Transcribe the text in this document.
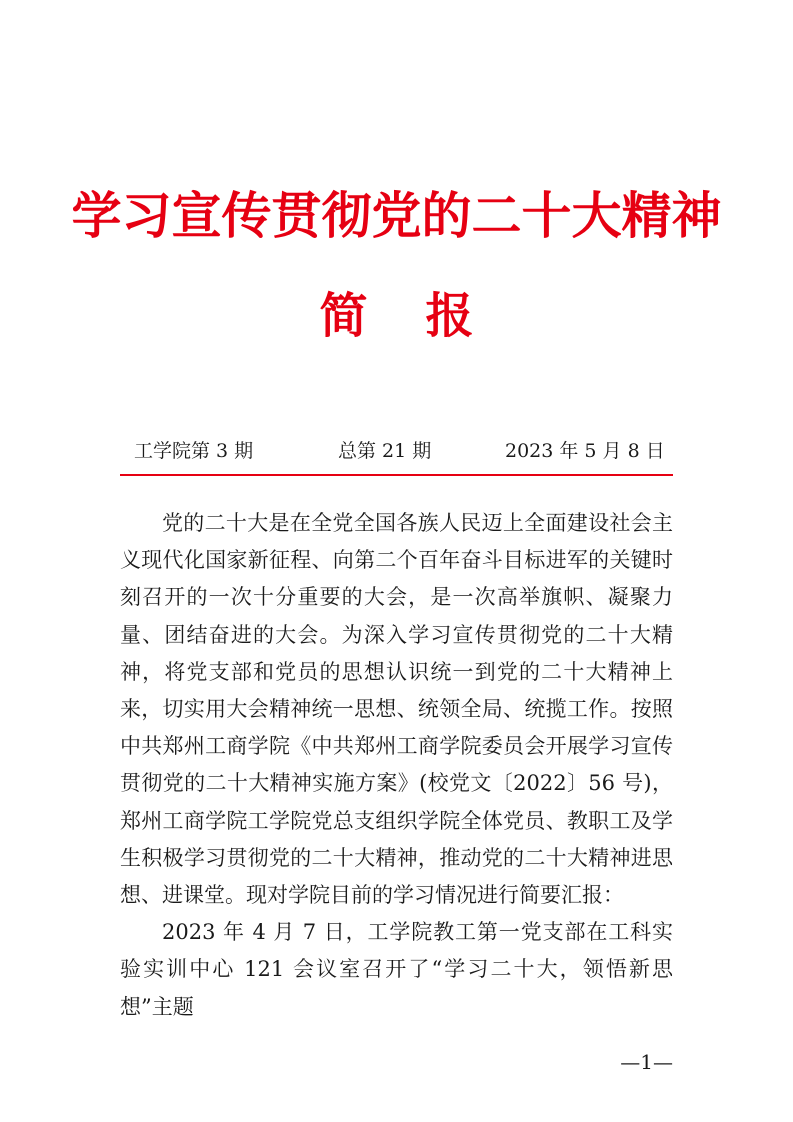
学习宣传贯彻党的二十大精神
简 报
工学院第 3 期	总第 21 期	2023 年 5 月 8 日

党的二十大是在全党全国各族人民迈上全面建设社会主义现代化国家新征程、向第二个百年奋斗目标进军的关键时刻召开的一次十分重要的大会，是一次高举旗帜、凝聚力量、团结奋进的大会。为深入学习宣传贯彻党的二十大精神，将党支部和党员的思想认识统一到党的二十大精神上来，切实用大会精神统一思想、统领全局、统揽工作。按照中共郑州工商学院《中共郑州工商学院委员会开展学习宣传贯彻党的二十大精神实施方案》(校党文〔2022〕56 号)，郑州工商学院工学院党总支组织学院全体党员、教职工及学生积极学习贯彻党的二十大精神，推动党的二十大精神进思想、进课堂。现对学院目前的学习情况进行简要汇报：

2023 年 4 月 7 日，工学院教工第一党支部在工科实验实训中心 121 会议室召开了“学习二十大，领悟新思想”主题

—1—
